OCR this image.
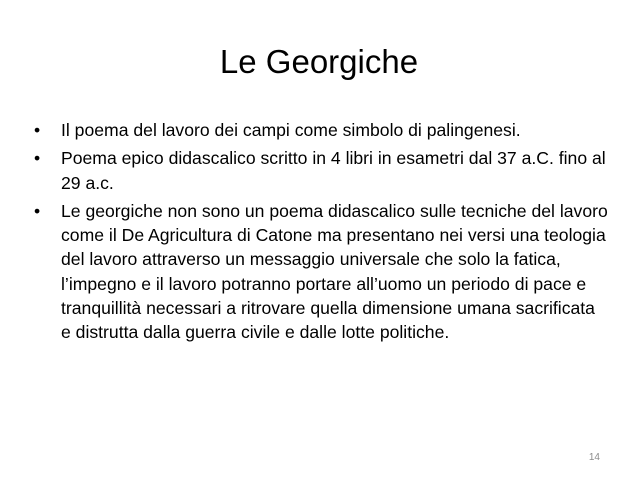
Le Georgiche
•	Il poema del lavoro dei campi come simbolo di palingenesi.
•	Poema epico didascalico scritto in 4 libri in esametri dal 37 a.C. fino al 29 a.c.
•	Le georgiche non sono un poema didascalico sulle tecniche del lavoro come il De Agricultura di Catone ma presentano nei versi una teologia del lavoro attraverso un messaggio universale che solo la fatica, l’impegno e il lavoro potranno portare all’uomo un periodo di pace e tranquillità necessari a ritrovare quella dimensione umana sacrificata e distrutta dalla guerra civile e dalle lotte politiche.
14
